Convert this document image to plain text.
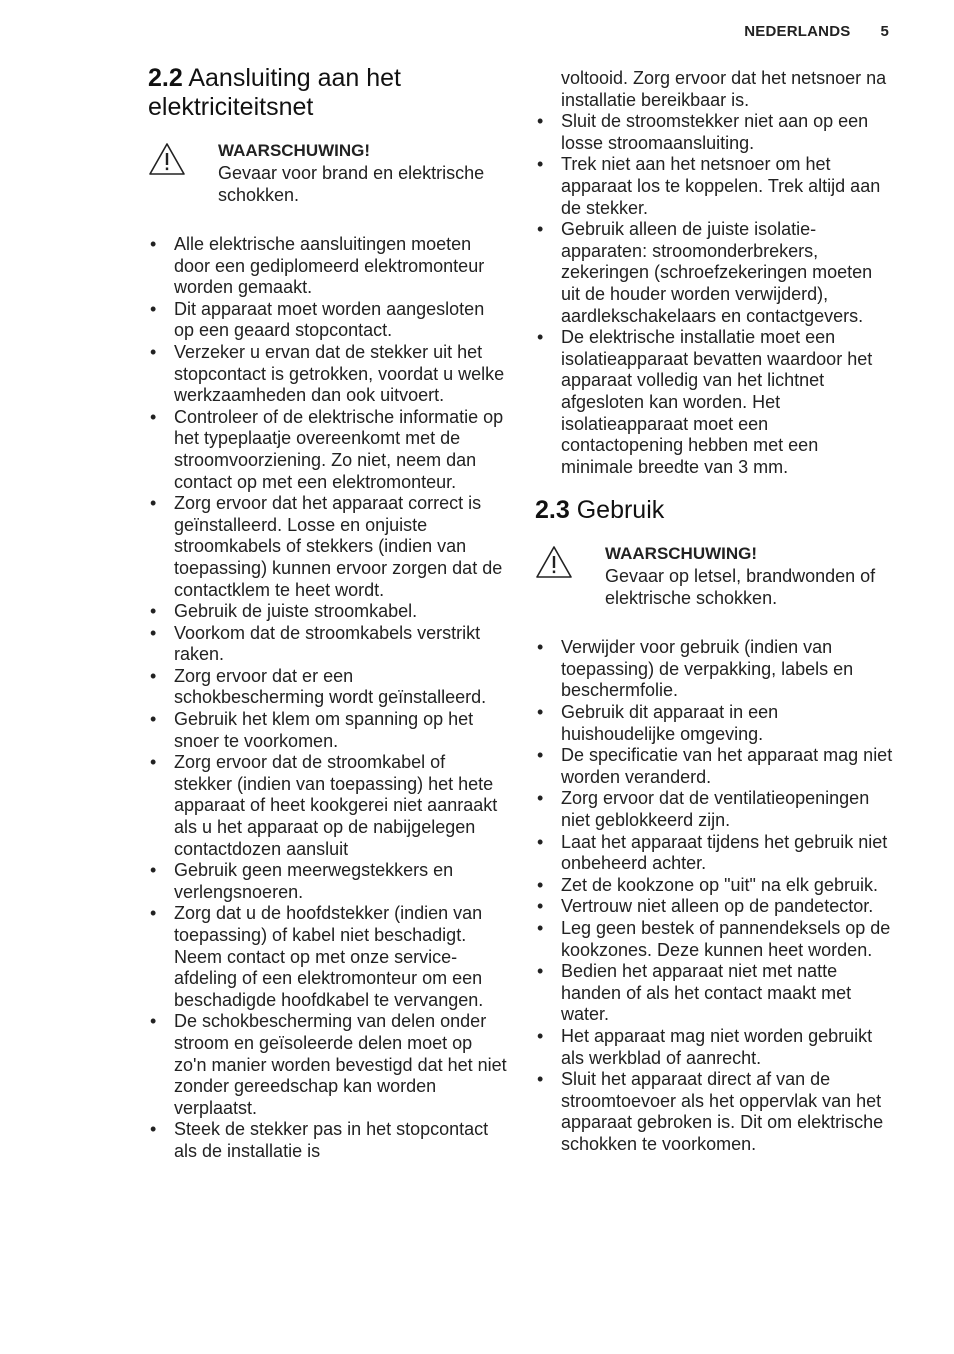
NEDERLANDS 5
2.2 Aansluiting aan het elektriciteitsnet
WAARSCHUWING!
Gevaar voor brand en elektrische schokken.
• Alle elektrische aansluitingen moeten door een gediplomeerd elektromonteur worden gemaakt.
• Dit apparaat moet worden aangesloten op een geaard stopcontact.
• Verzeker u ervan dat de stekker uit het stopcontact is getrokken, voordat u welke werkzaamheden dan ook uitvoert.
• Controleer of de elektrische informatie op het typeplaatje overeenkomt met de stroomvoorziening. Zo niet, neem dan contact op met een elektromonteur.
• Zorg ervoor dat het apparaat correct is geïnstalleerd. Losse en onjuiste stroomkabels of stekkers (indien van toepassing) kunnen ervoor zorgen dat de contactklem te heet wordt.
• Gebruik de juiste stroomkabel.
• Voorkom dat de stroomkabels verstrikt raken.
• Zorg ervoor dat er een schokbescherming wordt geïnstalleerd.
• Gebruik het klem om spanning op het snoer te voorkomen.
• Zorg ervoor dat de stroomkabel of stekker (indien van toepassing) het hete apparaat of heet kookgerei niet aanraakt als u het apparaat op de nabijgelegen contactdozen aansluit
• Gebruik geen meerwegstekkers en verlengsnoeren.
• Zorg dat u de hoofdstekker (indien van toepassing) of kabel niet beschadigt. Neem contact op met onze service-afdeling of een elektromonteur om een beschadigde hoofdkabel te vervangen.
• De schokbescherming van delen onder stroom en geïsoleerde delen moet op zo'n manier worden bevestigd dat het niet zonder gereedschap kan worden verplaatst.
• Steek de stekker pas in het stopcontact als de installatie is
voltooid. Zorg ervoor dat het netsnoer na installatie bereikbaar is.
• Sluit de stroomstekker niet aan op een losse stroomaansluiting.
• Trek niet aan het netsnoer om het apparaat los te koppelen. Trek altijd aan de stekker.
• Gebruik alleen de juiste isolatie-apparaten: stroomonderbrekers, zekeringen (schroefzekeringen moeten uit de houder worden verwijderd), aardlekschakelaars en contactgevers.
• De elektrische installatie moet een isolatieapparaat bevatten waardoor het apparaat volledig van het lichtnet afgesloten kan worden. Het isolatieapparaat moet een contactopening hebben met een minimale breedte van 3 mm.
2.3 Gebruik
WAARSCHUWING!
Gevaar op letsel, brandwonden of elektrische schokken.
• Verwijder voor gebruik (indien van toepassing) de verpakking, labels en beschermfolie.
• Gebruik dit apparaat in een huishoudelijke omgeving.
• De specificatie van het apparaat mag niet worden veranderd.
• Zorg ervoor dat de ventilatieopeningen niet geblokkeerd zijn.
• Laat het apparaat tijdens het gebruik niet onbeheerd achter.
• Zet de kookzone op "uit" na elk gebruik.
• Vertrouw niet alleen op de pandetector.
• Leg geen bestek of pannendeksels op de kookzones. Deze kunnen heet worden.
• Bedien het apparaat niet met natte handen of als het contact maakt met water.
• Het apparaat mag niet worden gebruikt als werkblad of aanrecht.
• Sluit het apparaat direct af van de stroomtoevoer als het oppervlak van het apparaat gebroken is. Dit om elektrische schokken te voorkomen.
